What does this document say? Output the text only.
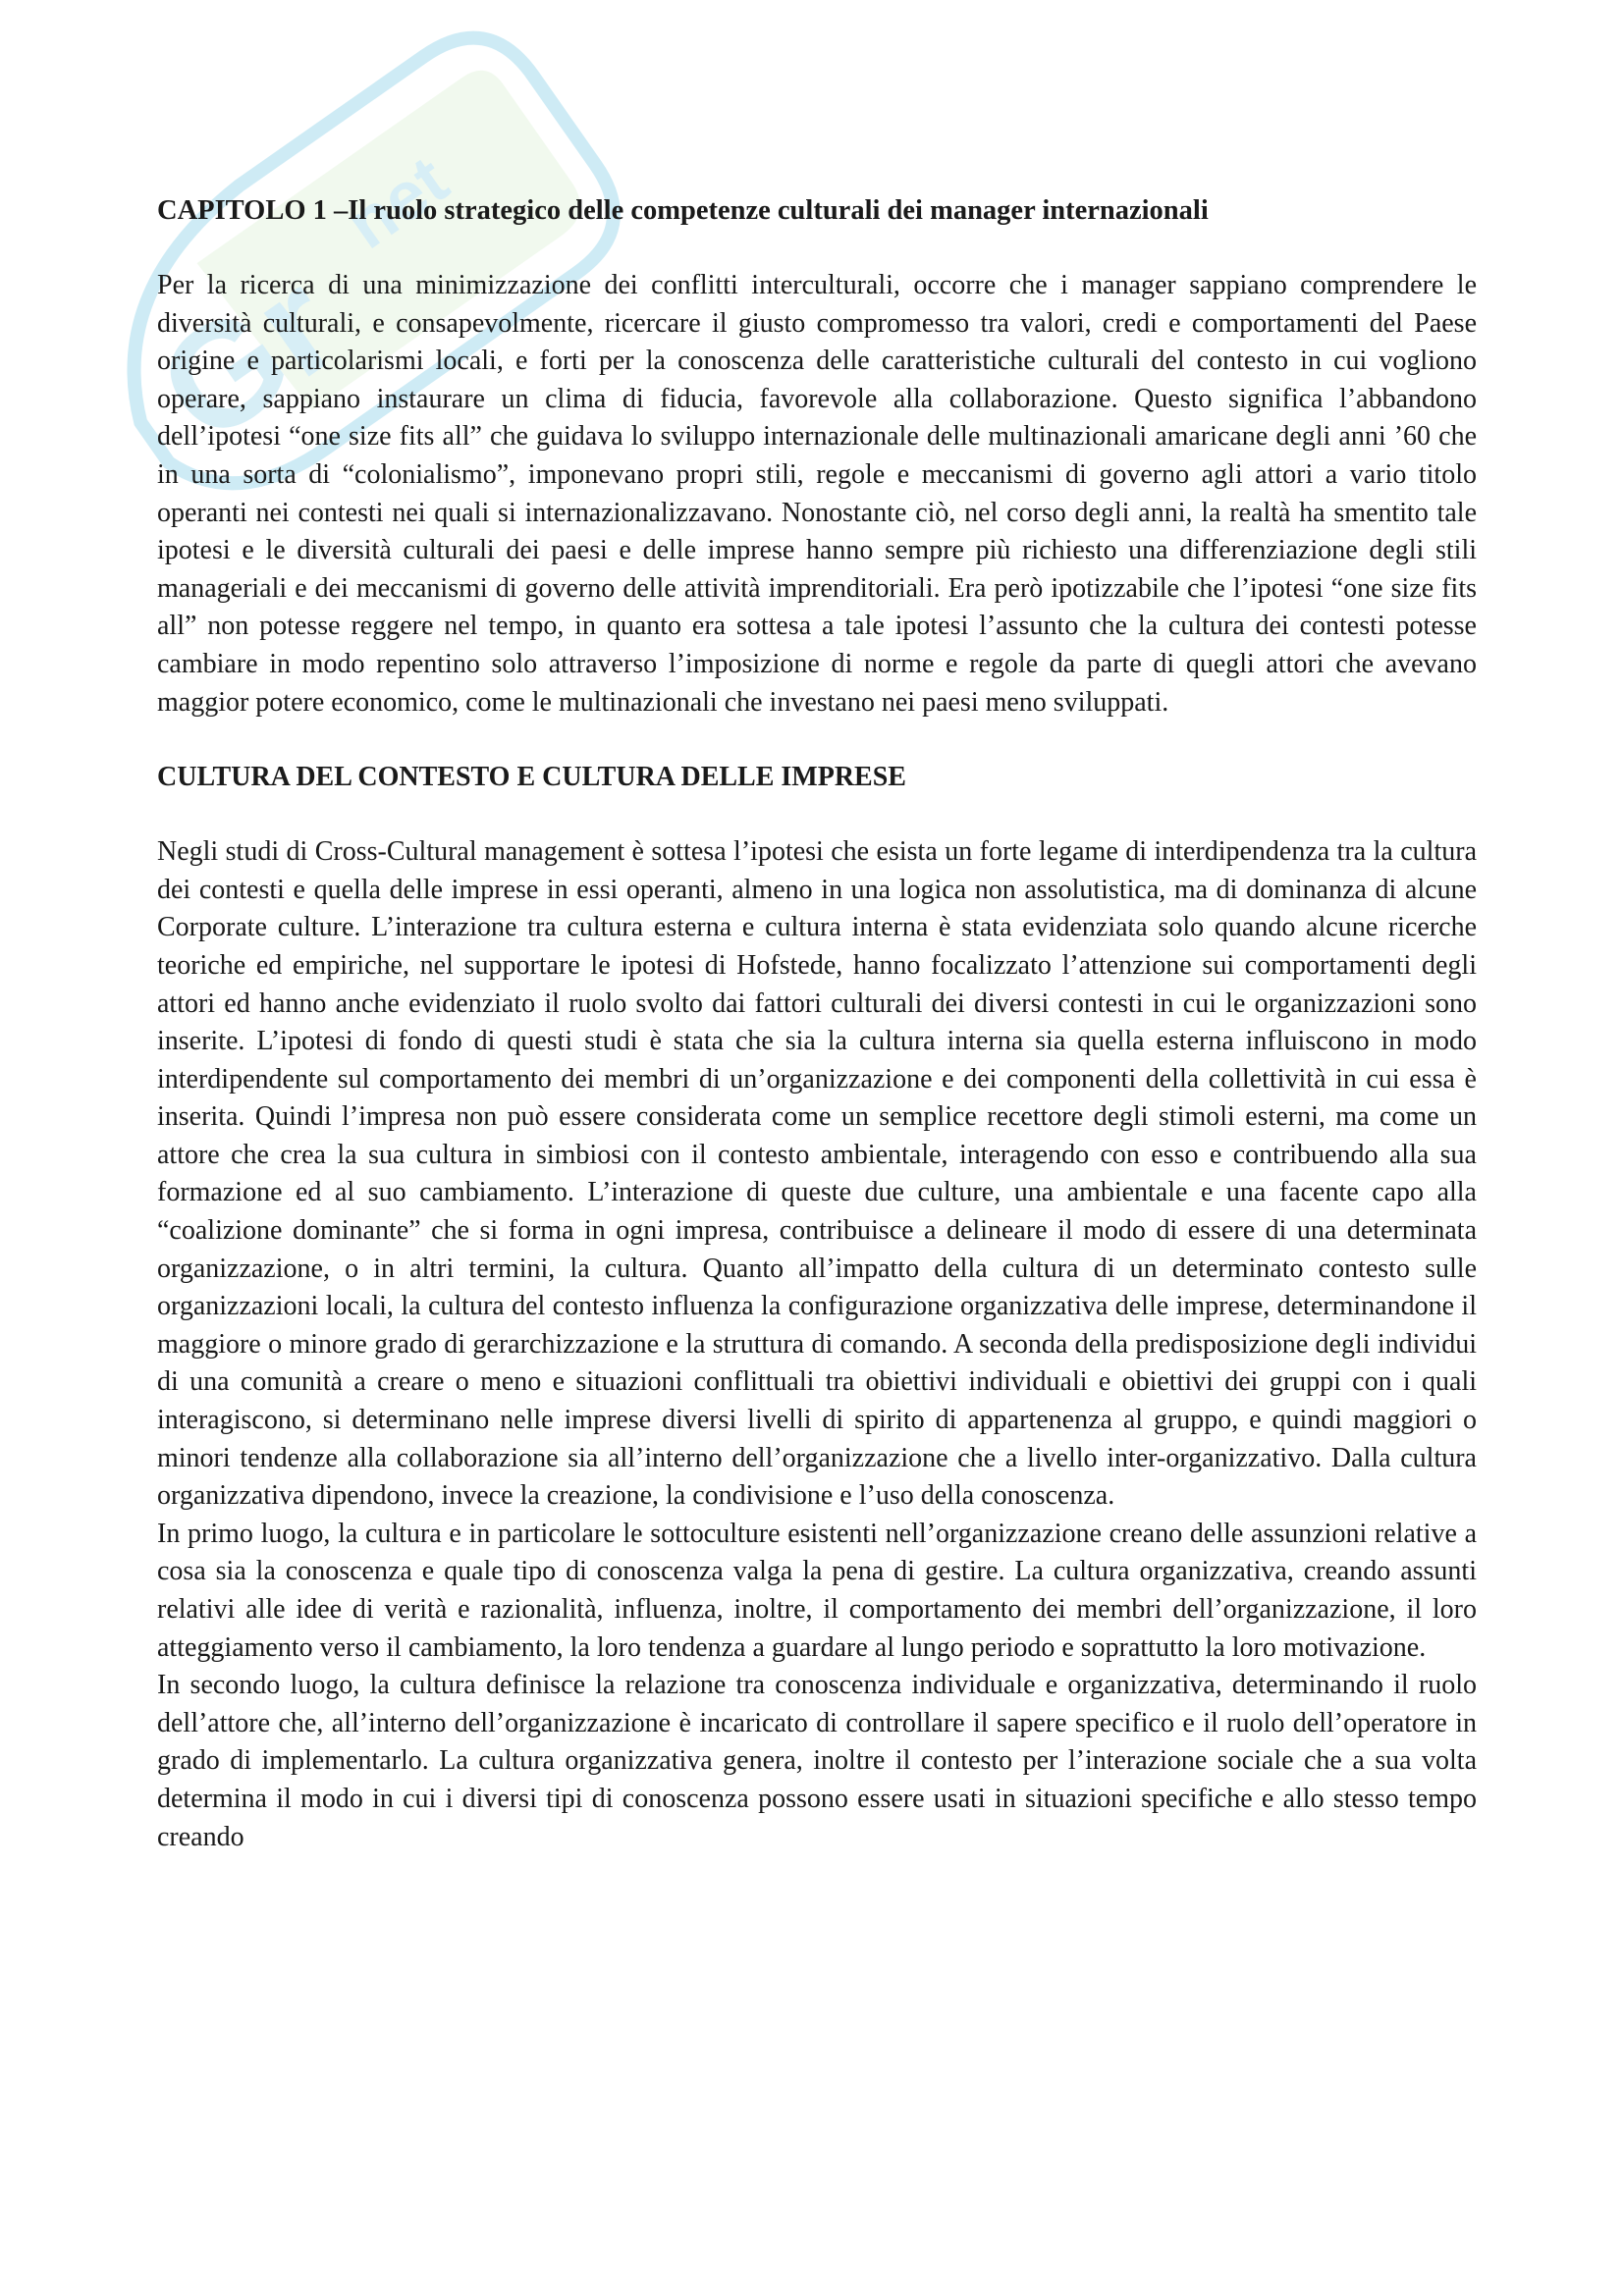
Gr
net

CAPITOLO 1 –Il ruolo strategico delle competenze culturali dei manager internazionali

Per la ricerca di una minimizzazione dei conflitti interculturali, occorre che i manager sappiano comprendere le diversità culturali, e consapevolmente, ricercare il giusto compromesso tra valori, credi e comportamenti del Paese origine e particolarismi locali, e forti per la conoscenza delle caratteristiche culturali del contesto in cui vogliono operare, sappiano instaurare un clima di fiducia, favorevole alla collaborazione. Questo significa l’abbandono dell’ipotesi “one size fits all” che guidava lo sviluppo internazionale delle multinazionali amaricane degli anni ’60 che in una sorta di “colonialismo”, imponevano propri stili, regole e meccanismi di governo agli attori a vario titolo operanti nei contesti nei quali si internazionalizzavano. Nonostante ciò, nel corso degli anni, la realtà ha smentito tale ipotesi e le diversità culturali dei paesi e delle imprese hanno sempre più richiesto una differenziazione degli stili manageriali e dei meccanismi di governo delle attività imprenditoriali. Era però ipotizzabile che l’ipotesi “one size fits all” non potesse reggere nel tempo, in quanto era sottesa a tale ipotesi l’assunto che la cultura dei contesti potesse cambiare in modo repentino solo attraverso l’imposizione di norme e regole da parte di quegli attori che avevano maggior potere economico, come le multinazionali che investano nei paesi meno sviluppati.

CULTURA DEL CONTESTO E CULTURA DELLE IMPRESE

Negli studi di Cross-Cultural management è sottesa l’ipotesi che esista un forte legame di interdipendenza tra la cultura dei contesti e quella delle imprese in essi operanti, almeno in una logica non assolutistica, ma di dominanza di alcune Corporate culture. L’interazione tra cultura esterna e cultura interna è stata evidenziata solo quando alcune ricerche teoriche ed empiriche, nel supportare le ipotesi di Hofstede, hanno focalizzato l’attenzione sui comportamenti degli attori ed hanno anche evidenziato il ruolo svolto dai fattori culturali dei diversi contesti in cui le organizzazioni sono inserite. L’ipotesi di fondo di questi studi è stata che sia la cultura interna sia quella esterna influiscono in modo interdipendente sul comportamento dei membri di un’organizzazione e dei componenti della collettività in cui essa è inserita. Quindi l’impresa non può essere considerata come un semplice recettore degli stimoli esterni, ma come un attore che crea la sua cultura in simbiosi con il contesto ambientale, interagendo con esso e contribuendo alla sua formazione ed al suo cambiamento. L’interazione di queste due culture, una ambientale e una facente capo alla “coalizione dominante” che si forma in ogni impresa, contribuisce a delineare il modo di essere di una determinata organizzazione, o in altri termini, la cultura. Quanto all’impatto della cultura di un determinato contesto sulle organizzazioni locali, la cultura del contesto influenza la configurazione organizzativa delle imprese, determinandone il maggiore o minore grado di gerarchizzazione e la struttura di comando. A seconda della predisposizione degli individui di una comunità a creare o meno e situazioni conflittuali tra obiettivi individuali e obiettivi dei gruppi con i quali interagiscono, si determinano nelle imprese diversi livelli di spirito di appartenenza al gruppo, e quindi maggiori o minori tendenze alla collaborazione sia all’interno dell’organizzazione che a livello inter-organizzativo. Dalla cultura organizzativa dipendono, invece la creazione, la condivisione e l’uso della conoscenza.

In primo luogo, la cultura e in particolare le sottoculture esistenti nell’organizzazione creano delle assunzioni relative a cosa sia la conoscenza e quale tipo di conoscenza valga la pena di gestire. La cultura organizzativa, creando assunti relativi alle idee di verità e razionalità, influenza, inoltre, il comportamento dei membri dell’organizzazione, il loro atteggiamento verso il cambiamento, la loro tendenza a guardare al lungo periodo e soprattutto la loro motivazione.

In secondo luogo, la cultura definisce la relazione tra conoscenza individuale e organizzativa, determinando il ruolo dell’attore che, all’interno dell’organizzazione è incaricato di controllare il sapere specifico e il ruolo dell’operatore in grado di implementarlo. La cultura organizzativa genera, inoltre il contesto per l’interazione sociale che a sua volta determina il modo in cui i diversi tipi di conoscenza possono essere usati in situazioni specifiche e allo stesso tempo creando
